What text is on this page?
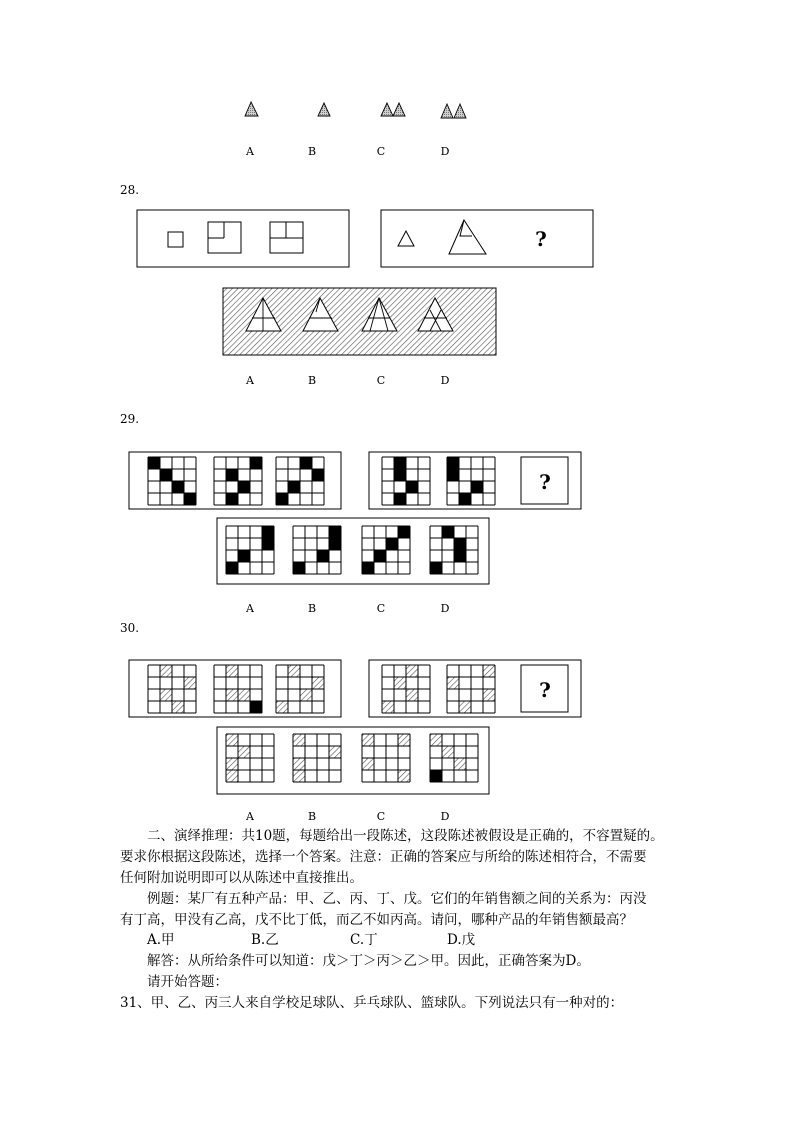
A	B	C	D
28.
?
A	B	C	D
29.
?
A	B	C	D
30.
?
A	B	C	D
二、演绎推理：共10题，每题给出一段陈述，这段陈述被假设是正确的，不容置疑的。
要求你根据这段陈述，选择一个答案。注意：正确的答案应与所给的陈述相符合，不需要
任何附加说明即可以从陈述中直接推出。
例题：某厂有五种产品：甲、乙、丙、丁、戊。它们的年销售额之间的关系为：丙没
有丁高，甲没有乙高，戊不比丁低，而乙不如丙高。请问，哪种产品的年销售额最高？
A.甲	B.乙	C.丁	D.戊
解答：从所给条件可以知道：戊＞丁＞丙＞乙＞甲。因此，正确答案为D。
请开始答题：
31、甲、乙、丙三人来自学校足球队、乒乓球队、篮球队。下列说法只有一种对的：
